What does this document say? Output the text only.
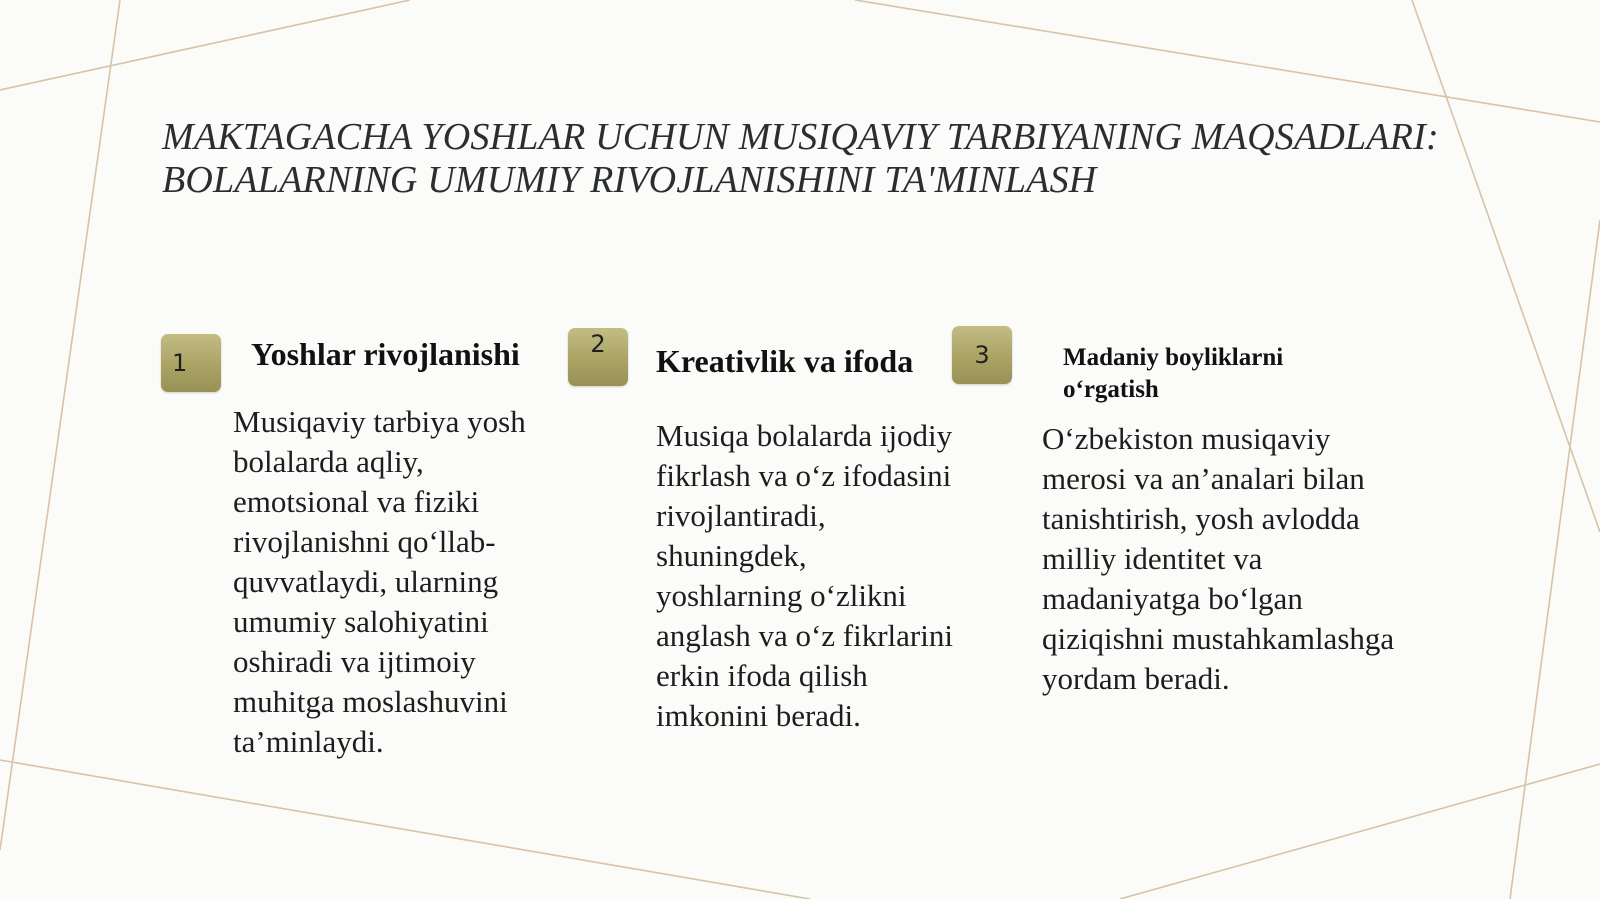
MAKTAGACHA YOSHLAR UCHUN MUSIQAVIY TARBIYANING MAQSADLARI: BOLALARNING UMUMIY RIVOJLANISHINI TA'MINLASH
1 Yoshlar rivojlanishi

Musiqaviy tarbiya yosh bolalarda aqliy, emotsional va fiziki rivojlanishni qo‘llab-quvvatlaydi, ularning umumiy salohiyatini oshiradi va ijtimoiy muhitga moslashuvini ta’minlaydi.

2 Kreativlik va ifoda

Musiqa bolalarda ijodiy fikrlash va o‘z ifodasini rivojlantiradi, shuningdek, yoshlarning o‘zlikni anglash va o‘z fikrlarini erkin ifoda qilish imkonini beradi.

3	Madaniy boyliklarni o‘rgatish

O‘zbekiston musiqaviy merosi va an’analari bilan tanishtirish, yosh avlodda milliy identitet va madaniyatga bo‘lgan qiziqishni mustahkamlashga yordam beradi.
